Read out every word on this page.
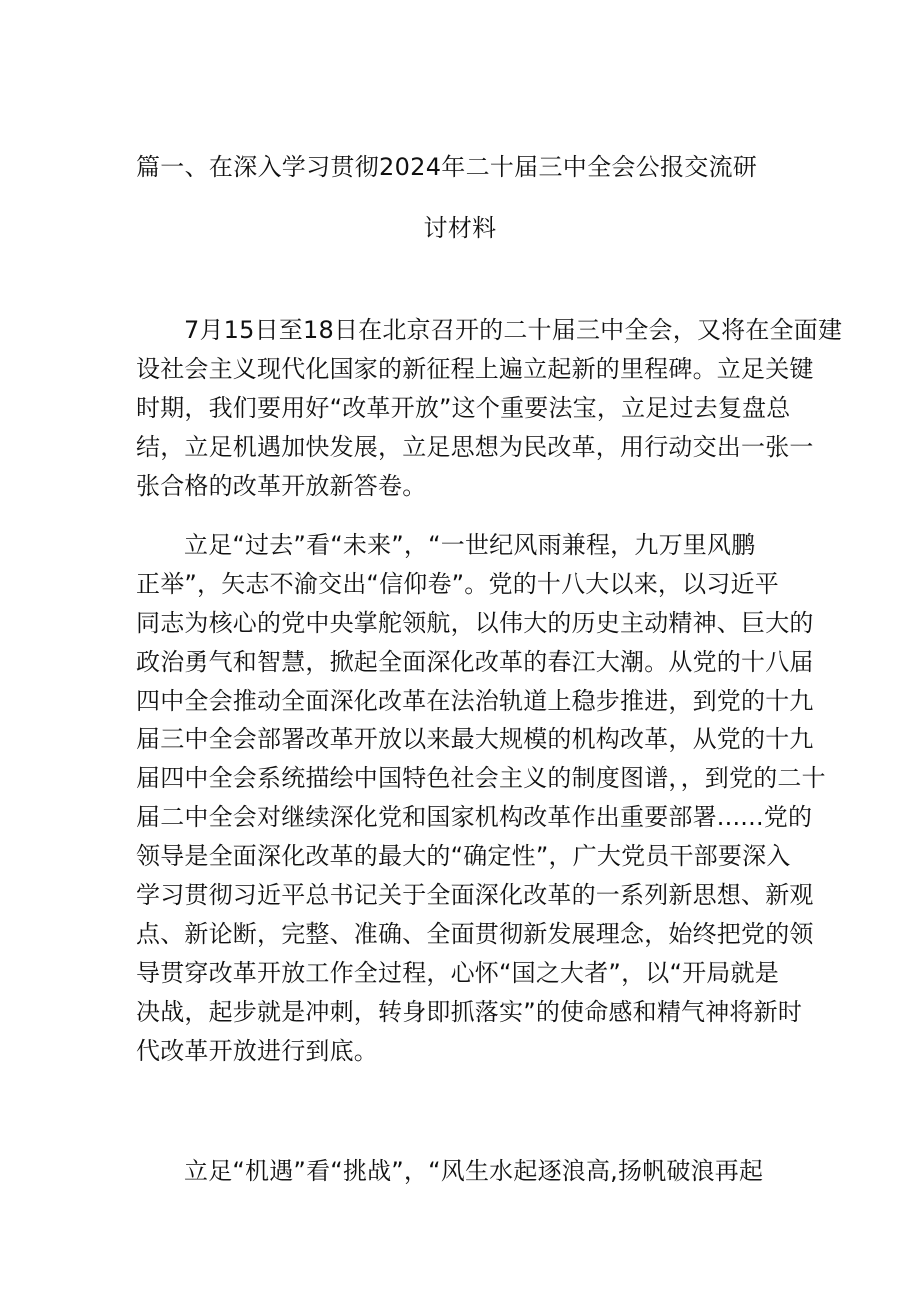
篇一、在深入学习贯彻2024年二十届三中全会公报交流研
讨材料
7月15日至18日在北京召开的二十届三中全会，又将在全面建
设社会主义现代化国家的新征程上遍立起新的里程碑。立足关键
时期，我们要用好“改革开放”这个重要法宝，立足过去复盘总
结，立足机遇加快发展，立足思想为民改革，用行动交出一张一
张合格的改革开放新答卷。
立足“过去”看“未来”，“一世纪风雨兼程，九万里风鹏
正举”，矢志不渝交出“信仰卷”。党的十八大以来，以习近平
同志为核心的党中央掌舵领航，以伟大的历史主动精神、巨大的
政治勇气和智慧，掀起全面深化改革的春江大潮。从党的十八届
四中全会推动全面深化改革在法治轨道上稳步推进，到党的十九
届三中全会部署改革开放以来最大规模的机构改革，从党的十九
届四中全会系统描绘中国特色社会主义的制度图谱，，到党的二十
届二中全会对继续深化党和国家机构改革作出重要部署......党的
领导是全面深化改革的最大的“确定性”，广大党员干部要深入
学习贯彻习近平总书记关于全面深化改革的一系列新思想、新观
点、新论断，完整、准确、全面贯彻新发展理念，始终把党的领
导贯穿改革开放工作全过程，心怀“国之大者”，以“开局就是
决战，起步就是冲刺，转身即抓落实”的使命感和精气神将新时
代改革开放进行到底。
立足“机遇”看“挑战”，“风生水起逐浪高,扬帆破浪再起
